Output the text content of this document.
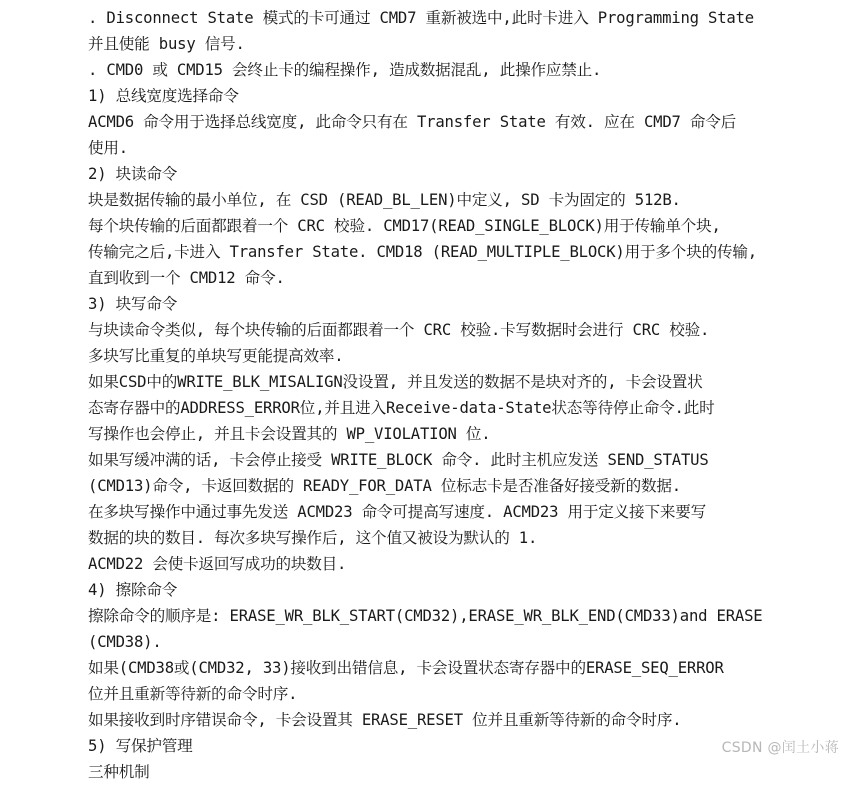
. Disconnect State 模式的卡可通过 CMD7 重新被选中,此时卡进入 Programming State
并且使能 busy 信号.
. CMD0 或 CMD15 会终止卡的编程操作, 造成数据混乱, 此操作应禁止.
1) 总线宽度选择命令
ACMD6 命令用于选择总线宽度, 此命令只有在 Transfer State 有效. 应在 CMD7 命令后
使用.
2) 块读命令
块是数据传输的最小单位, 在 CSD (READ_BL_LEN)中定义, SD 卡为固定的 512B.
每个块传输的后面都跟着一个 CRC 校验. CMD17(READ_SINGLE_BLOCK)用于传输单个块,
传输完之后,卡进入 Transfer State. CMD18 (READ_MULTIPLE_BLOCK)用于多个块的传输,
直到收到一个 CMD12 命令.
3) 块写命令
与块读命令类似, 每个块传输的后面都跟着一个 CRC 校验.卡写数据时会进行 CRC 校验.
多块写比重复的单块写更能提高效率.
如果CSD中的WRITE_BLK_MISALIGN没设置, 并且发送的数据不是块对齐的, 卡会设置状
态寄存器中的ADDRESS_ERROR位,并且进入Receive-data-State状态等待停止命令.此时
写操作也会停止, 并且卡会设置其的 WP_VIOLATION 位.
如果写缓冲满的话, 卡会停止接受 WRITE_BLOCK 命令. 此时主机应发送 SEND_STATUS
(CMD13)命令, 卡返回数据的 READY_FOR_DATA 位标志卡是否准备好接受新的数据.
在多块写操作中通过事先发送 ACMD23 命令可提高写速度. ACMD23 用于定义接下来要写
数据的块的数目. 每次多块写操作后, 这个值又被设为默认的 1.
ACMD22 会使卡返回写成功的块数目.
4) 擦除命令
擦除命令的顺序是: ERASE_WR_BLK_START(CMD32),ERASE_WR_BLK_END(CMD33)and ERASE
(CMD38).
如果(CMD38或(CMD32, 33)接收到出错信息, 卡会设置状态寄存器中的ERASE_SEQ_ERROR
位并且重新等待新的命令时序.
如果接收到时序错误命令, 卡会设置其 ERASE_RESET 位并且重新等待新的命令时序.
5) 写保护管理
三种机制
CSDN @闰土小蒋
